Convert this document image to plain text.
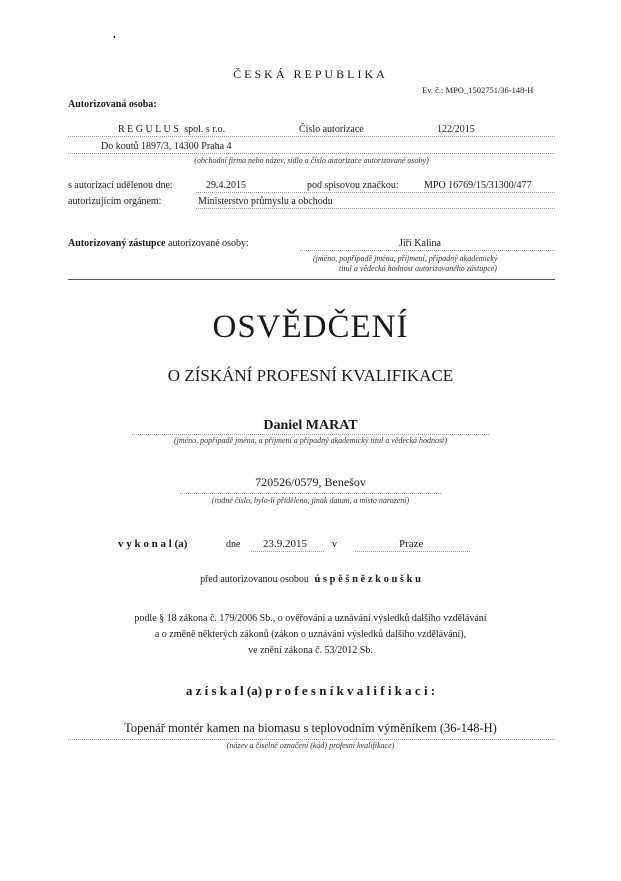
•
ČESKÁ REPUBLIKA
Ev. č.: MPO_1502751/36-148-H
Autorizovaná osoba:
R E G U L U S spol. s r.o.	Číslo autorizace	122/2015
Do koutů 1897/3, 14300 Praha 4
(obchodní firma nebo název, sídlo a číslo autorizace autorizované osoby)
s autorizací udělenou dne:	29.4.2015	pod spisovou značkou:	MPO 16769/15/31300/477
autorizujícím orgánem:	Ministerstvo průmyslu a obchodu
Autorizovaný zástupce autorizované osoby:	Jiří Kalina
(jméno, popřípadě jména, příjmení, případný akademický
titul a vědecká hodnost autorizovaného zástupce)
OSVĚDČENÍ
O ZÍSKÁNÍ PROFESNÍ KVALIFIKACE
Daniel MARAT
(jméno, popřípadě jména, a příjmení a případný akademický titul a vědecká hodnost)
720526/0579, Benešov
(rodné číslo, bylo-li přiděleno, jinak datum, a místo narození)
v y k o n a l (a)	dne 23.9.2015	v	Praze
před autorizovanou osobou ú s p ě š n ě z k o u š k u
podle § 18 zákona č. 179/2006 Sb., o ověřování a uznávání výsledků dalšího vzdělávání
a o změně některých zákonů (zákon o uznávání výsledků dalšího vzdělávání),
ve znění zákona č. 53/2012 Sb.
a z í s k a l (a) p r o f e s n í k v a l i f i k a c i :
Topenář montér kamen na biomasu s teplovodním výměníkem (36-148-H)
(název a číselné označení (kód) profesní kvalifikace)
